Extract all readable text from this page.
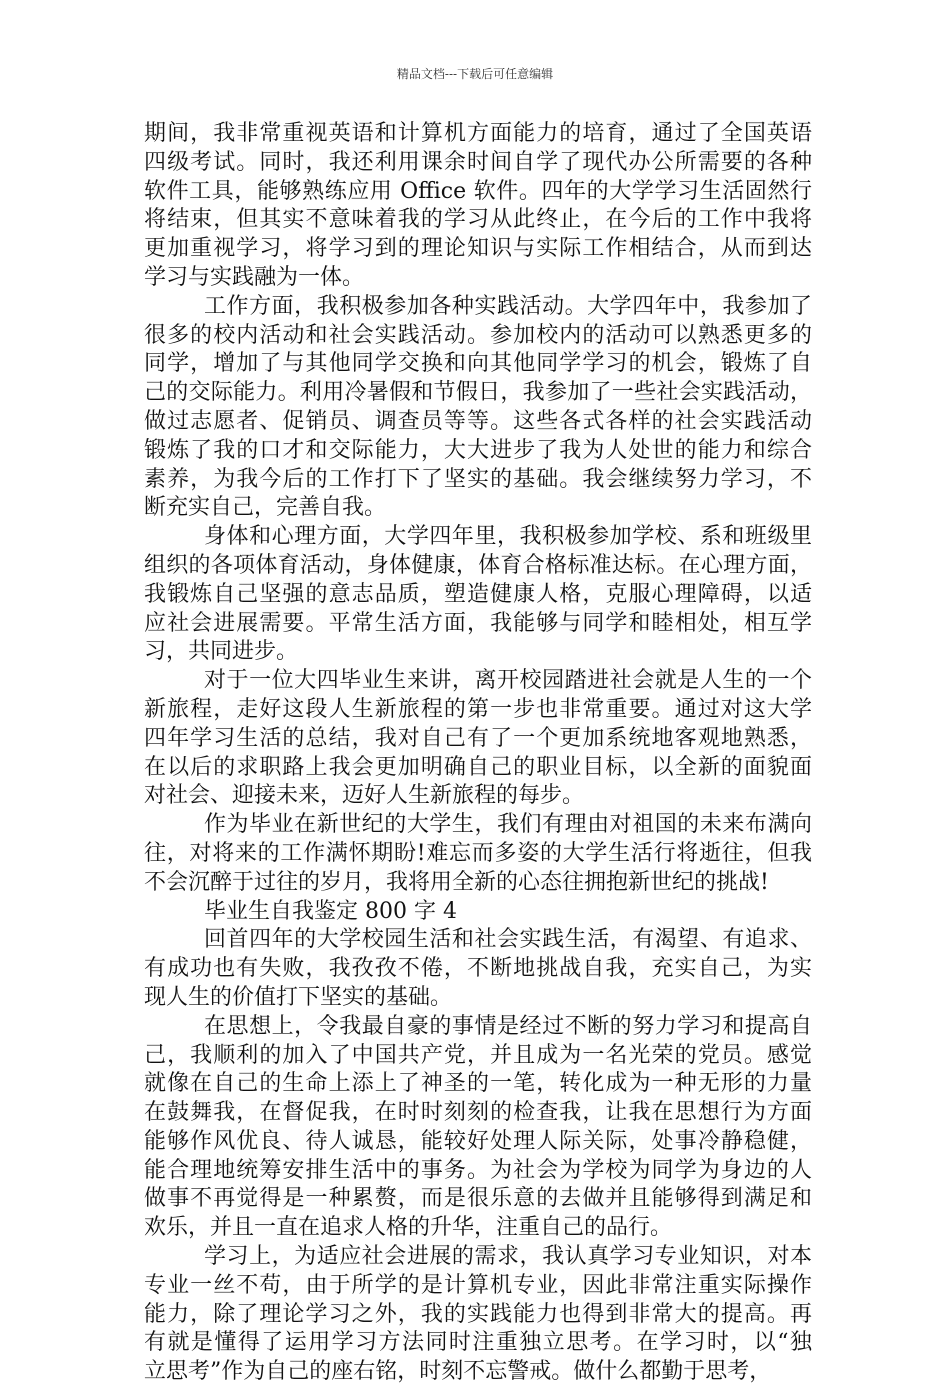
精品文档---下载后可任意编辑
期间，我非常重视英语和计算机方面能力的培育，通过了全国英语
四级考试。同时，我还利用课余时间自学了现代办公所需要的各种
软件工具，能够熟练应用 Office 软件。四年的大学学习生活固然行
将结束，但其实不意味着我的学习从此终止，在今后的工作中我将
更加重视学习，将学习到的理论知识与实际工作相结合，从而到达
学习与实践融为一体。
工作方面，我积极参加各种实践活动。大学四年中，我参加了
很多的校内活动和社会实践活动。参加校内的活动可以熟悉更多的
同学，增加了与其他同学交换和向其他同学学习的机会，锻炼了自
己的交际能力。利用冷暑假和节假日，我参加了一些社会实践活动，
做过志愿者、促销员、调查员等等。这些各式各样的社会实践活动
锻炼了我的口才和交际能力，大大进步了我为人处世的能力和综合
素养，为我今后的工作打下了坚实的基础。我会继续努力学习，不
断充实自己，完善自我。
身体和心理方面，大学四年里，我积极参加学校、系和班级里
组织的各项体育活动，身体健康，体育合格标准达标。在心理方面，
我锻炼自己坚强的意志品质，塑造健康人格，克服心理障碍，以适
应社会进展需要。平常生活方面，我能够与同学和睦相处，相互学
习，共同进步。
对于一位大四毕业生来讲，离开校园踏进社会就是人生的一个
新旅程，走好这段人生新旅程的第一步也非常重要。通过对这大学
四年学习生活的总结，我对自己有了一个更加系统地客观地熟悉，
在以后的求职路上我会更加明确自己的职业目标，以全新的面貌面
对社会、迎接未来，迈好人生新旅程的每步。
作为毕业在新世纪的大学生，我们有理由对祖国的未来布满向
往，对将来的工作满怀期盼!难忘而多姿的大学生活行将逝往，但我
不会沉醉于过往的岁月，我将用全新的心态往拥抱新世纪的挑战!
毕业生自我鉴定 800 字 4
回首四年的大学校园生活和社会实践生活，有渴望、有追求、
有成功也有失败，我孜孜不倦，不断地挑战自我，充实自己，为实
现人生的价值打下坚实的基础。
在思想上，令我最自豪的事情是经过不断的努力学习和提高自
己，我顺利的加入了中国共产党，并且成为一名光荣的党员。感觉
就像在自己的生命上添上了神圣的一笔，转化成为一种无形的力量
在鼓舞我，在督促我，在时时刻刻的检查我，让我在思想行为方面
能够作风优良、待人诚恳，能较好处理人际关际，处事冷静稳健，
能合理地统筹安排生活中的事务。为社会为学校为同学为身边的人
做事不再觉得是一种累赘，而是很乐意的去做并且能够得到满足和
欢乐，并且一直在追求人格的升华，注重自己的品行。
学习上，为适应社会进展的需求，我认真学习专业知识，对本
专业一丝不苟，由于所学的是计算机专业，因此非常注重实际操作
能力，除了理论学习之外，我的实践能力也得到非常大的提高。再
有就是懂得了运用学习方法同时注重独立思考。在学习时，以“独
立思考”作为自己的座右铭，时刻不忘警戒。做什么都勤于思考，
